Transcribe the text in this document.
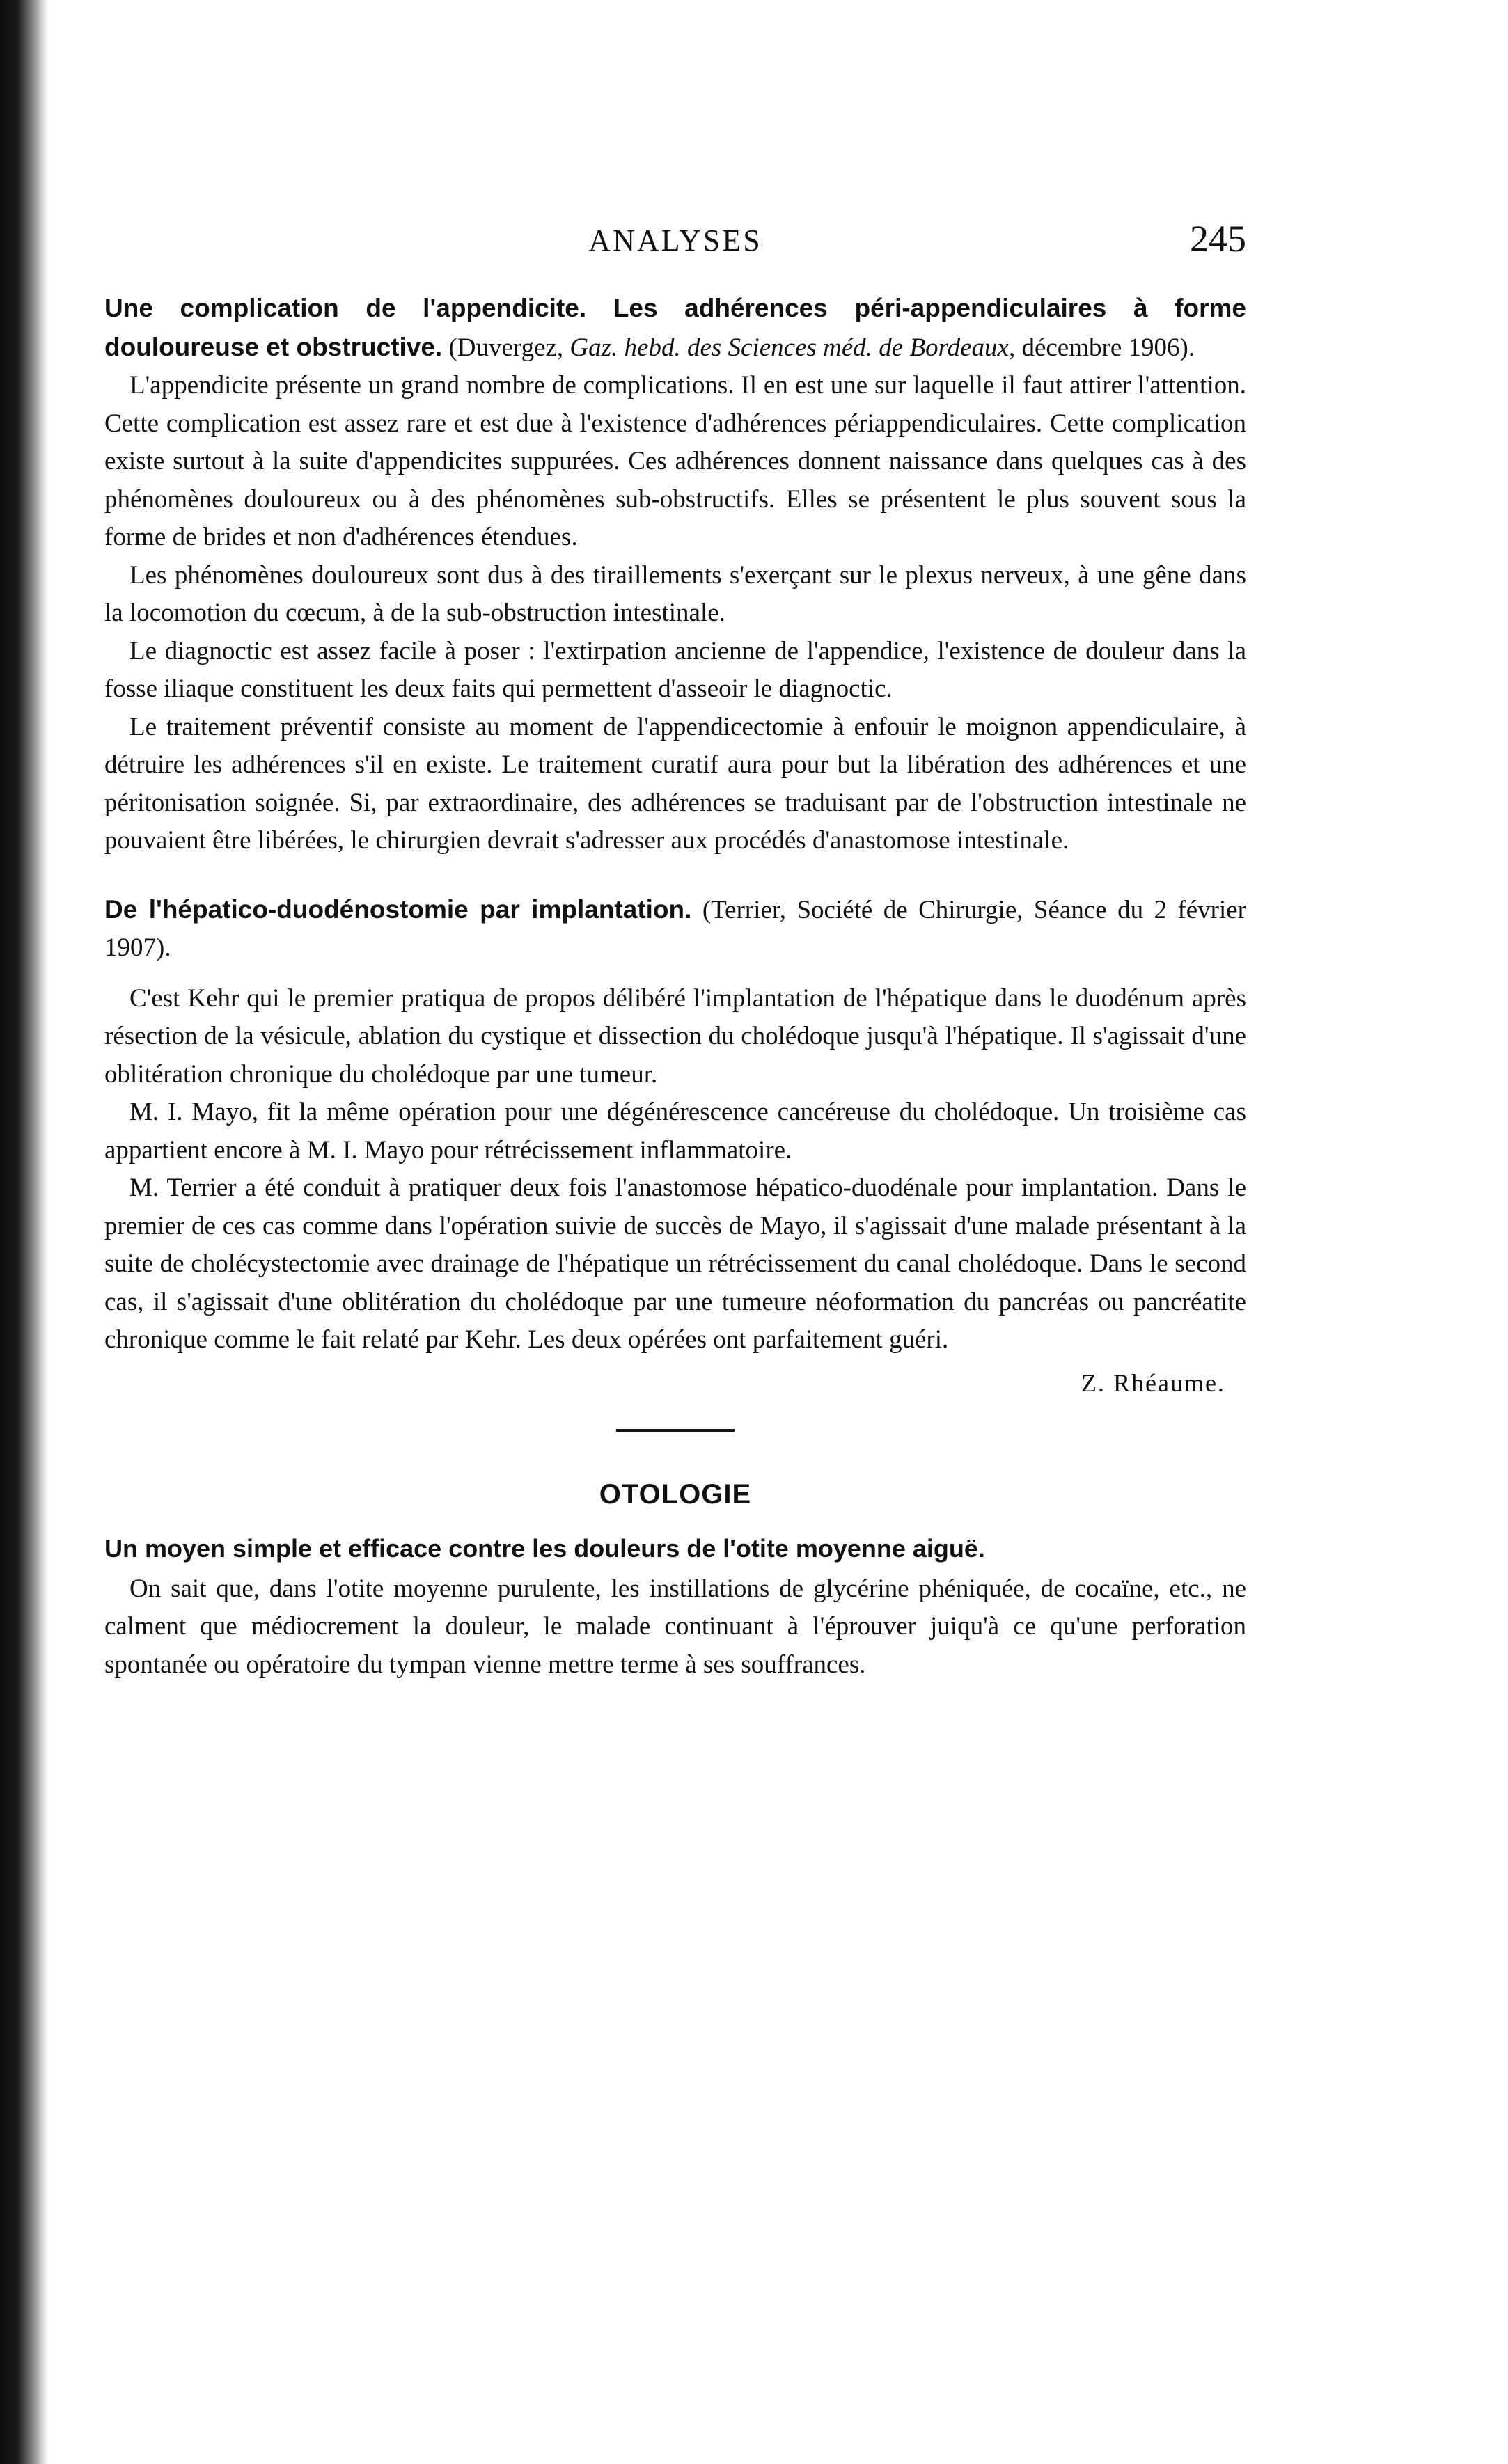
ANALYSES	245

Une complication de l'appendicite. Les adhérences péri-appendiculaires à forme douloureuse et obstructive. (Duvergez, Gaz. hebd. des Sciences méd. de Bordeaux, décembre 1906).

L'appendicite présente un grand nombre de complications. Il en est une sur laquelle il faut attirer l'attention. Cette complication est assez rare et est due à l'existence d'adhérences périappendiculaires. Cette complication existe surtout à la suite d'appendicites suppurées. Ces adhérences donnent naissance dans quelques cas à des phénomènes douloureux ou à des phénomènes sub-obstructifs. Elles se présentent le plus souvent sous la forme de brides et non d'adhérences étendues.

Les phénomènes douloureux sont dus à des tiraillements s'exerçant sur le plexus nerveux, à une gêne dans la locomotion du cœcum, à de la sub-obstruction intestinale.

Le diagnoctic est assez facile à poser : l'extirpation ancienne de l'appendice, l'existence de douleur dans la fosse iliaque constituent les deux faits qui permettent d'asseoir le diagnoctic.

Le traitement préventif consiste au moment de l'appendicectomie à enfouir le moignon appendiculaire, à détruire les adhérences s'il en existe. Le traitement curatif aura pour but la libération des adhérences et une péritonisation soignée. Si, par extraordinaire, des adhérences se traduisant par de l'obstruction intestinale ne pouvaient être libérées, le chirurgien devrait s'adresser aux procédés d'anastomose intestinale.

De l'hépatico-duodénostomie par implantation. (Terrier, Société de Chirurgie, Séance du 2 février 1907).

C'est Kehr qui le premier pratiqua de propos délibéré l'implantation de l'hépatique dans le duodénum après résection de la vésicule, ablation du cystique et dissection du cholédoque jusqu'à l'hépatique. Il s'agissait d'une oblitération chronique du cholédoque par une tumeur.

M. I. Mayo, fit la même opération pour une dégénérescence cancéreuse du cholédoque. Un troisième cas appartient encore à M. I. Mayo pour rétrécissement inflammatoire.

M. Terrier a été conduit à pratiquer deux fois l'anastomose hépatico-duodénale pour implantation. Dans le premier de ces cas comme dans l'opération suivie de succès de Mayo, il s'agissait d'une malade présentant à la suite de cholécystectomie avec drainage de l'hépatique un rétrécissement du canal cholédoque. Dans le second cas, il s'agissait d'une oblitération du cholédoque par une tumeure néoformation du pancréas ou pancréatite chronique comme le fait relaté par Kehr. Les deux opérées ont parfaitement guéri.

Z. Rhéaume.

OTOLOGIE

Un moyen simple et efficace contre les douleurs de l'otite moyenne aiguë.

On sait que, dans l'otite moyenne purulente, les instillations de glycérine phéniquée, de cocaïne, etc., ne calment que médiocrement la douleur, le malade continuant à l'éprouver juiqu'à ce qu'une perforation spontanée ou opératoire du tympan vienne mettre terme à ses souffrances.
